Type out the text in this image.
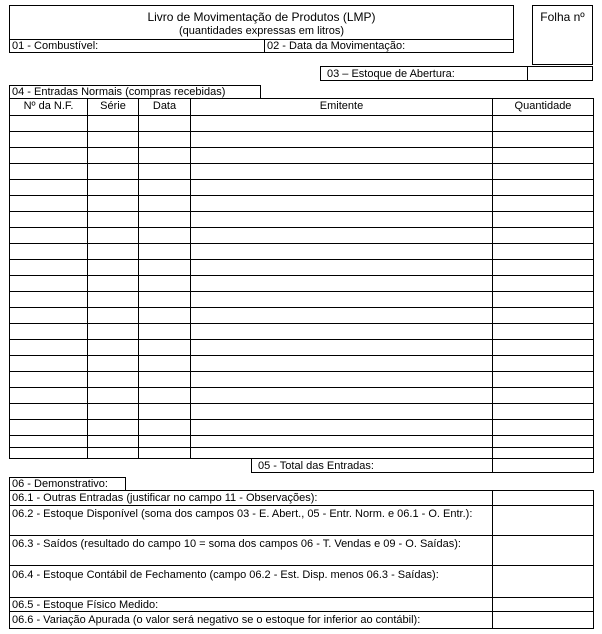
Livro de Movimentação de Produtos (LMP)
(quantidades expressas em litros)
Folha nº
01 - Combustível:	02 - Data da Movimentação:
03 – Estoque de Abertura:
04 - Entradas Normais (compras recebidas)
Nº da N.F.	Série	Data	Emitente	Quantidade
05 - Total das Entradas:
06 - Demonstrativo:
06.1 - Outras Entradas (justificar no campo 11 - Observações):
06.2 - Estoque Disponível (soma dos campos 03 - E. Abert., 05 - Entr. Norm. e 06.1 - O. Entr.):
06.3 - Saídos (resultado do campo 10 = soma dos campos 06 - T. Vendas e 09 - O. Saídas):
06.4 - Estoque Contábil de Fechamento (campo 06.2 - Est. Disp. menos 06.3 - Saídas):
06.5 - Estoque Físico Medido:
06.6 - Variação Apurada (o valor será negativo se o estoque for inferior ao contábil):
